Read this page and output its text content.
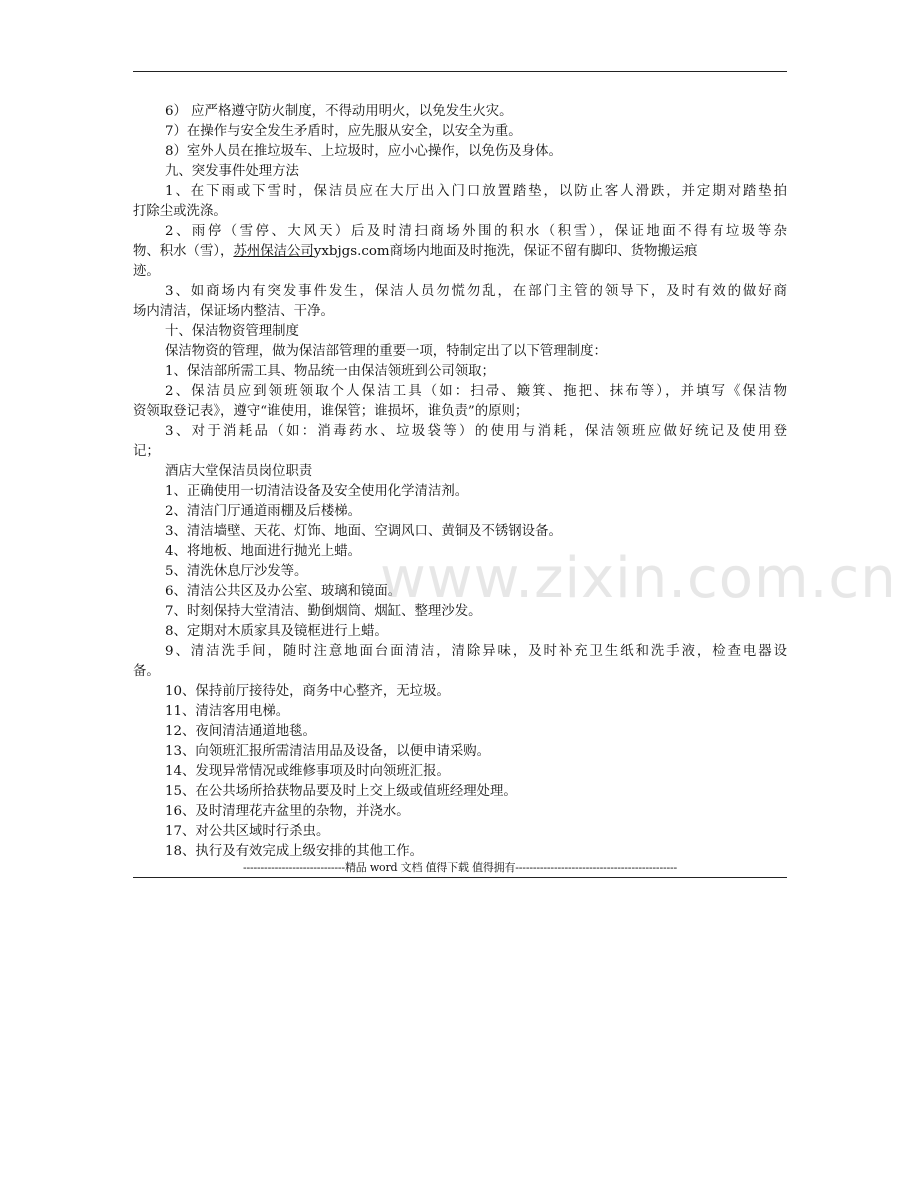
6） 应严格遵守防火制度，不得动用明火，以免发生火灾。
7）在操作与安全发生矛盾时，应先服从安全，以安全为重。
8）室外人员在推垃圾车、上垃圾时，应小心操作，以免伤及身体。
九、突发事件处理方法
1、在下雨或下雪时，保洁员应在大厅出入门口放置踏垫，以防止客人滑跌，并定期对踏垫拍
打除尘或洗涤。
2、雨停（雪停、大风天）后及时清扫商场外围的积水（积雪），保证地面不得有垃圾等杂
物、积水（雪），苏州保洁公司yxbjgs.com商场内地面及时拖洗，保证不留有脚印、货物搬运痕
迹。
3、如商场内有突发事件发生，保洁人员勿慌勿乱，在部门主管的领导下，及时有效的做好商
场内清洁，保证场内整洁、干净。
十、保洁物资管理制度
保洁物资的管理，做为保洁部管理的重要一项，特制定出了以下管理制度：
1、保洁部所需工具、物品统一由保洁领班到公司领取；
2、保洁员应到领班领取个人保洁工具（如：扫帚、簸箕、拖把、抹布等），并填写《保洁物
资领取登记表》，遵守“谁使用，谁保管；谁损坏，谁负责”的原则；
3、对于消耗品（如：消毒药水、垃圾袋等）的使用与消耗，保洁领班应做好统记及使用登
记；
酒店大堂保洁员岗位职责
1、正确使用一切清洁设备及安全使用化学清洁剂。
2、清洁门厅通道雨棚及后楼梯。
3、清洁墙壁、天花、灯饰、地面、空调风口、黄铜及不锈钢设备。
4、将地板、地面进行抛光上蜡。
5、清洗休息厅沙发等。
6、清洁公共区及办公室、玻璃和镜面。
7、时刻保持大堂清洁、勤倒烟筒、烟缸、整理沙发。
8、定期对木质家具及镜框进行上蜡。
9、清洁洗手间，随时注意地面台面清洁，清除异味，及时补充卫生纸和洗手液，检查电器设
备。
10、保持前厅接待处，商务中心整齐，无垃圾。
11、清洁客用电梯。
12、夜间清洁通道地毯。
13、向领班汇报所需清洁用品及设备，以便申请采购。
14、发现异常情况或维修事项及时向领班汇报。
15、在公共场所拾获物品要及时上交上级或值班经理处理。
16、及时清理花卉盆里的杂物，并浇水。
17、对公共区域时行杀虫。
18、执行及有效完成上级安排的其他工作。
-----------------------------精品 word 文档 值得下载 值得拥有----------------------------------------------
www.zixin.com.cn
